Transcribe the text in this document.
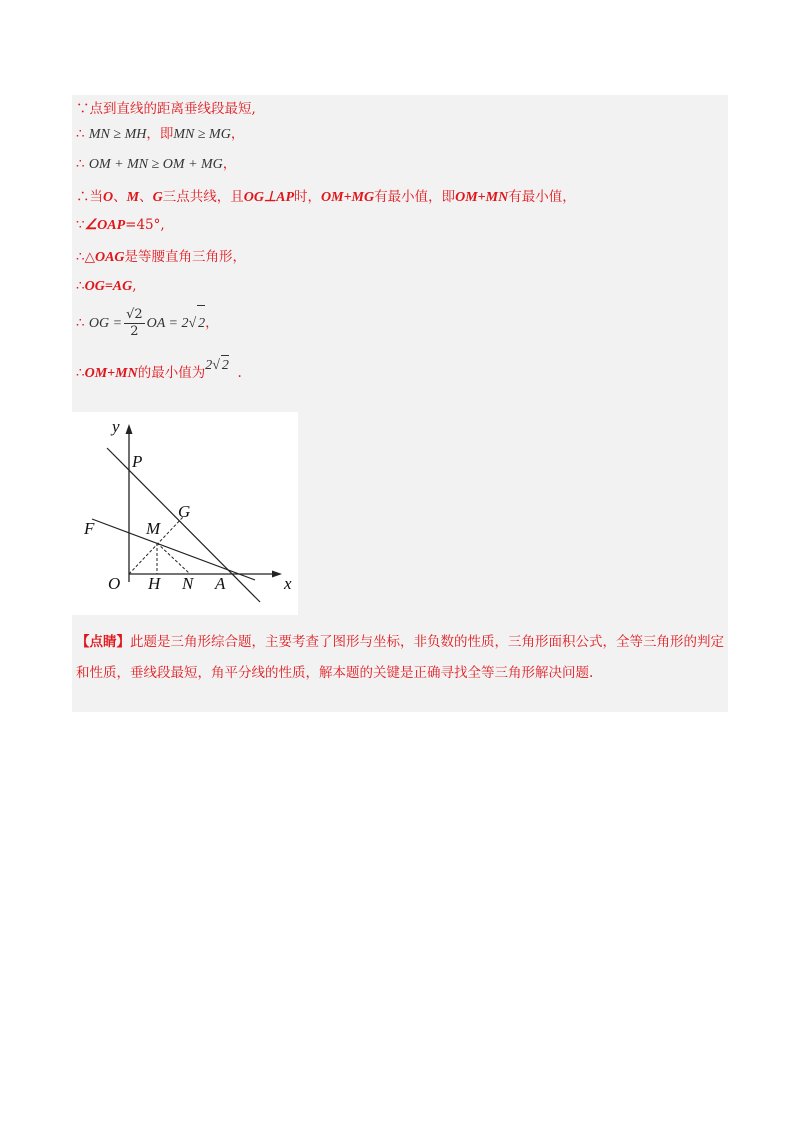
∵点到直线的距离垂线段最短,
∴ MN ≥ MH，即MN ≥ MG，
∴ OM + MN ≥ OM + MG，
∴当O、M、G三点共线，且OG⊥AP时，OM+MG有最小值，即OM+MN有最小值，
∵∠OAP=45°,
∴△OAG是等腰直角三角形，
∴OG=AG,
∴ OG = $\frac{√2}{2}$ OA = 2√ 2，
∴OM+MN的最小值为2√ 2 .
y
x
P
G
F	M
O H N A
【点睛】此题是三角形综合题，主要考查了图形与坐标，非负数的性质，三角形面积公式，全等三角形的判定和性质，垂线段最短，角平分线的性质，解本题的关键是正确寻找全等三角形解决问题.
